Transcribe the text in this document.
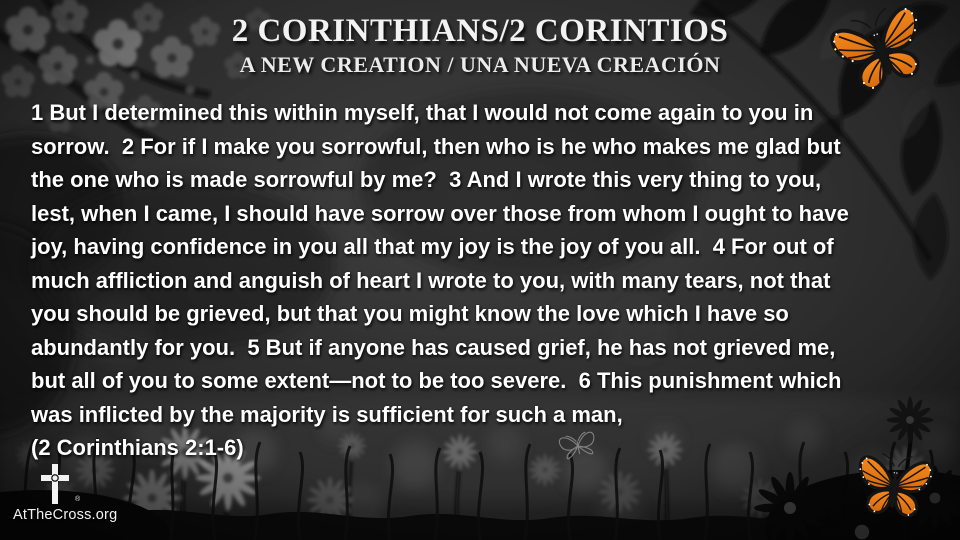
2 CORINTHIANS/2 CORINTIOS
A NEW CREATION / UNA NUEVA CREACIÓN
1 But I determined this within myself, that I would not come again to you in
sorrow.  2 For if I make you sorrowful, then who is he who makes me glad but
the one who is made sorrowful by me?  3 And I wrote this very thing to you,
lest, when I came, I should have sorrow over those from whom I ought to have
joy, having confidence in you all that my joy is the joy of you all.  4 For out of
much affliction and anguish of heart I wrote to you, with many tears, not that
you should be grieved, but that you might know the love which I have so
abundantly for you.  5 But if anyone has caused grief, he has not grieved me,
but all of you to some extent—not to be too severe.  6 This punishment which
was inflicted by the majority is sufficient for such a man,
(2 Corinthians 2:1-6)
®
AtTheCross.org
